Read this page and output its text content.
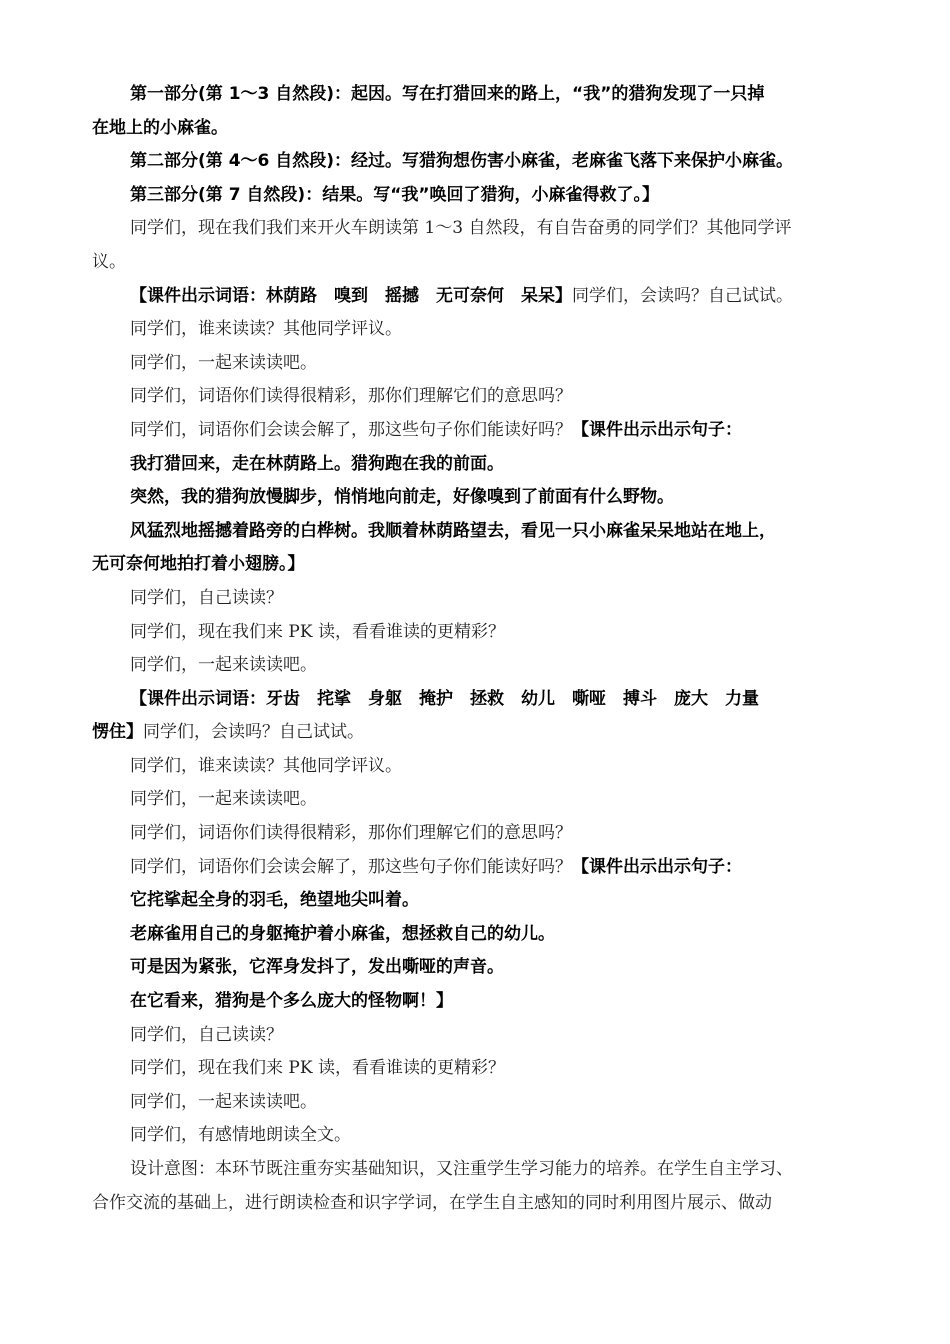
第一部分(第 1～3 自然段)：起因。写在打猎回来的路上，“我”的猎狗发现了一只掉
在地上的小麻雀。
第二部分(第 4～6 自然段)：经过。写猎狗想伤害小麻雀，老麻雀飞落下来保护小麻雀。
第三部分(第 7 自然段)：结果。写“我”唤回了猎狗，小麻雀得救了。】
同学们，现在我们我们来开火车朗读第 1～3 自然段，有自告奋勇的同学们？其他同学评
议。
【课件出示词语：林荫路　嗅到　摇撼　无可奈何　呆呆】同学们，会读吗？自己试试。
同学们，谁来读读？其他同学评议。
同学们，一起来读读吧。
同学们，词语你们读得很精彩，那你们理解它们的意思吗？
同学们，词语你们会读会解了，那这些句子你们能读好吗？【课件出示出示句子：
我打猎回来，走在林荫路上。猎狗跑在我的前面。
突然，我的猎狗放慢脚步，悄悄地向前走，好像嗅到了前面有什么野物。
风猛烈地摇撼着路旁的白桦树。我顺着林荫路望去，看见一只小麻雀呆呆地站在地上，
无可奈何地拍打着小翅膀。】
同学们，自己读读？
同学们，现在我们来 PK 读，看看谁读的更精彩？
同学们，一起来读读吧。
【课件出示词语：牙齿　挓挲　身躯　掩护　拯救　幼儿　嘶哑　搏斗　庞大　力量
愣住】同学们，会读吗？自己试试。
同学们，谁来读读？其他同学评议。
同学们，一起来读读吧。
同学们，词语你们读得很精彩，那你们理解它们的意思吗？
同学们，词语你们会读会解了，那这些句子你们能读好吗？【课件出示出示句子：
它挓挲起全身的羽毛，绝望地尖叫着。
老麻雀用自己的身躯掩护着小麻雀，想拯救自己的幼儿。
可是因为紧张，它浑身发抖了，发出嘶哑的声音。
在它看来，猎狗是个多么庞大的怪物啊！】
同学们，自己读读？
同学们，现在我们来 PK 读，看看谁读的更精彩？
同学们，一起来读读吧。
同学们，有感情地朗读全文。
设计意图：本环节既注重夯实基础知识，又注重学生学习能力的培养。在学生自主学习、
合作交流的基础上，进行朗读检查和识字学词，在学生自主感知的同时利用图片展示、做动
